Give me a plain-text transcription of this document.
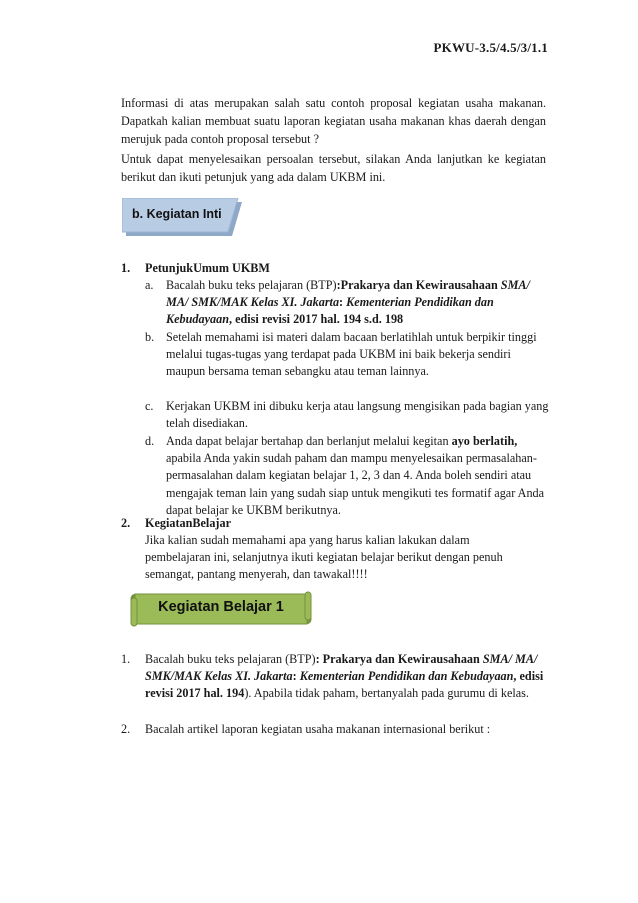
PKWU-3.5/4.5/3/1.1
Informasi di atas merupakan salah satu contoh proposal kegiatan usaha makanan. Dapatkah kalian membuat suatu laporan kegiatan usaha makanan khas daerah dengan merujuk pada contoh proposal tersebut ?
Untuk dapat menyelesaikan persoalan tersebut, silakan Anda lanjutkan ke kegiatan berikut dan ikuti petunjuk yang ada dalam UKBM ini.
b. Kegiatan Inti
1. PetunjukUmum UKBM
a. Bacalah buku teks pelajaran (BTP):Prakarya dan Kewirausahaan SMA/ MA/ SMK/MAK Kelas XI. Jakarta: Kementerian Pendidikan dan Kebudayaan, edisi revisi 2017 hal. 194 s.d. 198
b. Setelah memahami isi materi dalam bacaan berlatihlah untuk berpikir tinggi melalui tugas-tugas yang terdapat pada UKBM ini baik bekerja sendiri maupun bersama teman sebangku atau teman lainnya.
c. Kerjakan UKBM ini dibuku kerja atau langsung mengisikan pada bagian yang telah disediakan.
d. Anda dapat belajar bertahap dan berlanjut melalui kegitan ayo berlatih, apabila Anda yakin sudah paham dan mampu menyelesaikan permasalahan-permasalahan dalam kegiatan belajar 1, 2, 3 dan 4. Anda boleh sendiri atau mengajak teman lain yang sudah siap untuk mengikuti tes formatif agar Anda dapat belajar ke UKBM berikutnya.
2. KegiatanBelajar
Jika kalian sudah memahami apa yang harus kalian lakukan dalam pembelajaran ini, selanjutnya ikuti kegiatan belajar berikut dengan penuh semangat, pantang menyerah, dan tawakal!!!!
Kegiatan Belajar 1
1. Bacalah buku teks pelajaran (BTP): Prakarya dan Kewirausahaan SMA/ MA/ SMK/MAK Kelas XI. Jakarta: Kementerian Pendidikan dan Kebudayaan, edisi revisi 2017 hal. 194). Apabila tidak paham, bertanyalah pada gurumu di kelas.
2. Bacalah artikel laporan kegiatan usaha makanan internasional berikut :
